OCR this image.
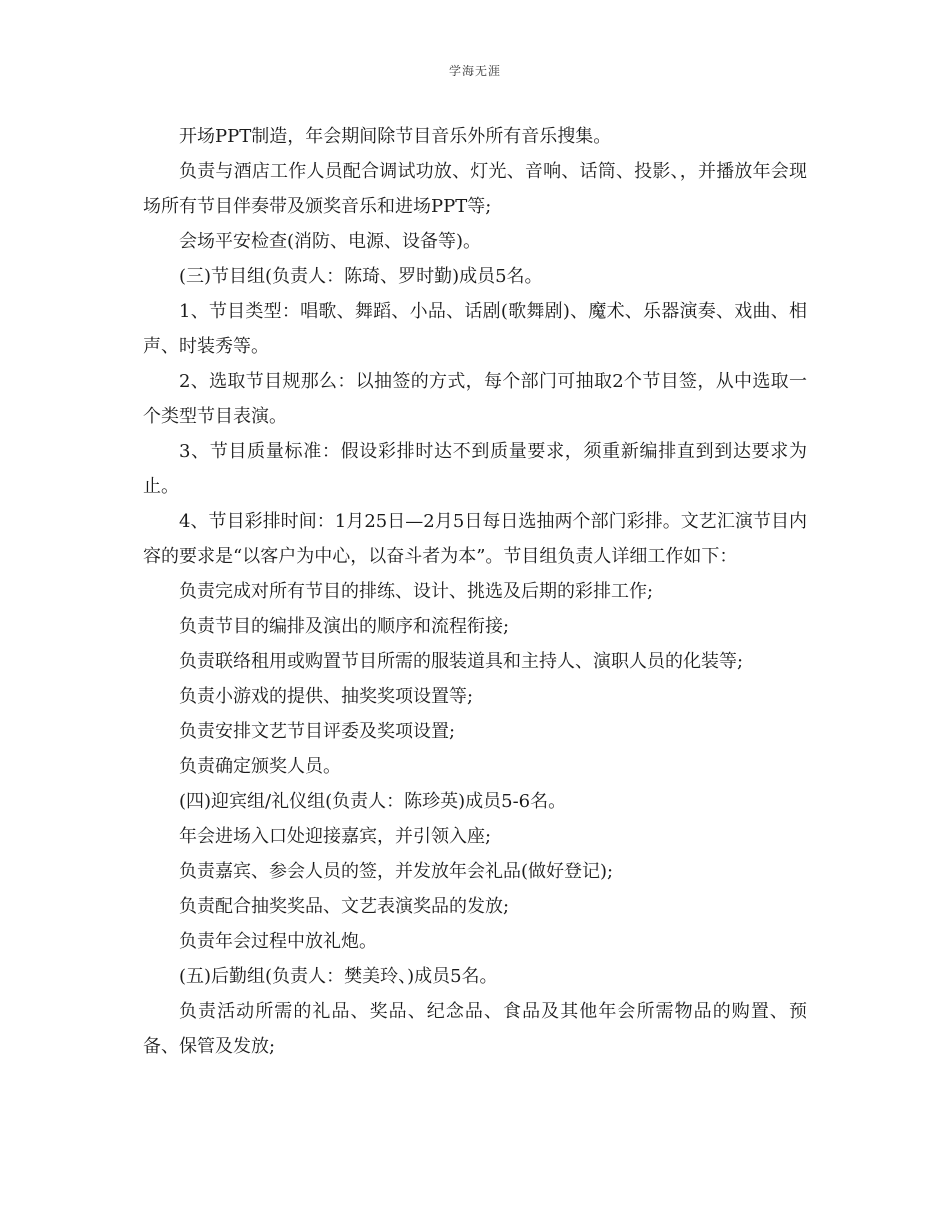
学海无涯

开场PPT制造，年会期间除节目音乐外所有音乐搜集。

负责与酒店工作人员配合调试功放、灯光、音响、话筒、投影、，并播放年会现场所有节目伴奏带及颁奖音乐和进场PPT等;

会场平安检查(消防、电源、设备等)。

(三)节目组(负责人：陈琦、罗时勤)成员5名。

1、节目类型：唱歌、舞蹈、小品、话剧(歌舞剧)、魔术、乐器演奏、戏曲、相声、时装秀等。

2、选取节目规那么：以抽签的方式，每个部门可抽取2个节目签，从中选取一个类型节目表演。

3、节目质量标准：假设彩排时达不到质量要求，须重新编排直到到达要求为止。

4、节目彩排时间：1月25日—2月5日每日选抽两个部门彩排。文艺汇演节目内容的要求是“以客户为中心，以奋斗者为本”。节目组负责人详细工作如下：

负责完成对所有节目的排练、设计、挑选及后期的彩排工作;

负责节目的编排及演出的顺序和流程衔接;

负责联络租用或购置节目所需的服装道具和主持人、演职人员的化装等;

负责小游戏的提供、抽奖奖项设置等;

负责安排文艺节目评委及奖项设置;

负责确定颁奖人员。

(四)迎宾组/礼仪组(负责人：陈珍英)成员5-6名。

年会进场入口处迎接嘉宾，并引领入座;

负责嘉宾、参会人员的签，并发放年会礼品(做好登记);

负责配合抽奖奖品、文艺表演奖品的发放;

负责年会过程中放礼炮。

(五)后勤组(负责人：樊美玲、)成员5名。

负责活动所需的礼品、奖品、纪念品、食品及其他年会所需物品的购置、预备、保管及发放;
